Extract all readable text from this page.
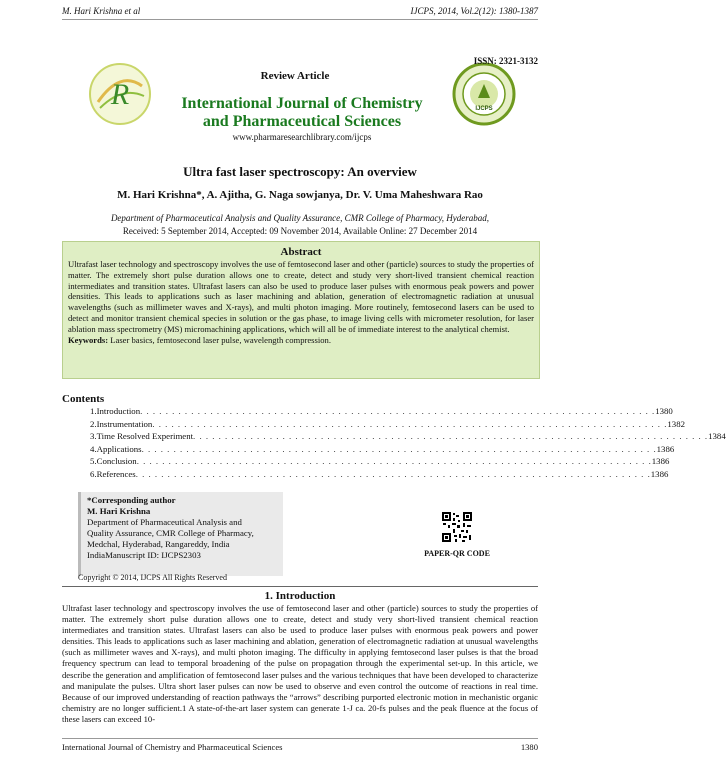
M. Hari Krishna et al	IJCPS, 2014, Vol.2(12): 1380-1387
R	IJCPS
ISSN: 2321-3132
Review Article
International Journal of Chemistry and Pharmaceutical Sciences
www.pharmaresearchlibrary.com/ijcps
Ultra fast laser spectroscopy: An overview
M. Hari Krishna*, A. Ajitha, G. Naga sowjanya, Dr. V. Uma Maheshwara Rao
Department of Pharmaceutical Analysis and Quality Assurance, CMR College of Pharmacy, Hyderabad,
Received: 5 September 2014, Accepted: 09 November 2014, Available Online: 27 December 2014
Abstract
Ultrafast laser technology and spectroscopy involves the use of femtosecond laser and other (particle) sources to study the properties of matter. The extremely short pulse duration allows one to create, detect and study very short-lived transient chemical reaction intermediates and transition states. Ultrafast lasers can also be used to produce laser pulses with enormous peak powers and power densities. This leads to applications such as laser machining and ablation, generation of electromagnetic radiation at unusual wavelengths (such as millimeter waves and X-rays), and multi photon imaging. More routinely, femtosecond lasers can be used to detect and monitor transient chemical species in solution or the gas phase, to image living cells with micrometer resolution, for laser ablation mass spectrometry (MS) micromachining applications, which will all be of immediate interest to the analytical chemist.
Keywords: Laser basics, femtosecond laser pulse, wavelength compression.
Contents
1. Introduction . . . . . . . . . . . . . . . . . . . . . . . . . . . . . . . . . . . . . . . . . . . . . . . . . . . . . . . . . . . . . . . . . . . . . . . . . . . . . . . . . 1380
2. Instrumentation . . . . . . . . . . . . . . . . . . . . . . . . . . . . . . . . . . . . . . . . . . . . . . . . . . . . . . . . . . . . . . . . . . . . . . . . . . . . . . . . . 1382
3. Time Resolved Experiment . . . . . . . . . . . . . . . . . . . . . . . . . . . . . . . . . . . . . . . . . . . . . . . . . . . . . . . . . . . . . . . . . . . . . . . . . . . . . . . . . 1384
4. Applications . . . . . . . . . . . . . . . . . . . . . . . . . . . . . . . . . . . . . . . . . . . . . . . . . . . . . . . . . . . . . . . . . . . . . . . . . . . . . . . . . 1386
5. Conclusion . . . . . . . . . . . . . . . . . . . . . . . . . . . . . . . . . . . . . . . . . . . . . . . . . . . . . . . . . . . . . . . . . . . . . . . . . . . . . . . . . 1386
6. References . . . . . . . . . . . . . . . . . . . . . . . . . . . . . . . . . . . . . . . . . . . . . . . . . . . . . . . . . . . . . . . . . . . . . . . . . . . . . . . . . 1386
*Corresponding author
M. Hari Krishna
Department of Pharmaceutical Analysis and
Quality Assurance, CMR College of Pharmacy,
Medchal, Hyderabad, Rangareddy, India
IndiaManuscript ID: IJCPS2303	PAPER-QR CODE
Copyright © 2014, IJCPS All Rights Reserved
1. Introduction
Ultrafast laser technology and spectroscopy involves the use of femtosecond laser and other (particle) sources to study the properties of matter. The extremely short pulse duration allows one to create, detect and study very short-lived transient chemical reaction intermediates and transition states. Ultrafast lasers can also be used to produce laser pulses with enormous peak powers and power densities. This leads to applications such as laser machining and ablation, generation of electromagnetic radiation at unusual wavelengths (such as millimeter waves and X-rays), and multi photon imaging. The difficulty in applying femtosecond laser pulses is that the broad frequency spectrum can lead to temporal broadening of the pulse on propagation through the experimental set-up. In this article, we describe the generation and amplification of femtosecond laser pulses and the various techniques that have been developed to characterize and manipulate the pulses. Ultra short laser pulses can now be used to observe and even control the outcome of reactions in real time. Because of our improved understanding of reaction pathways the “arrows” describing purported electronic motion in mechanistic organic chemistry are no longer sufficient.1 A state-of-the-art laser system can generate 1-J ca. 20-fs pulses and the peak fluence at the focus of these lasers can exceed 10-
International Journal of Chemistry and Pharmaceutical Sciences	1380
